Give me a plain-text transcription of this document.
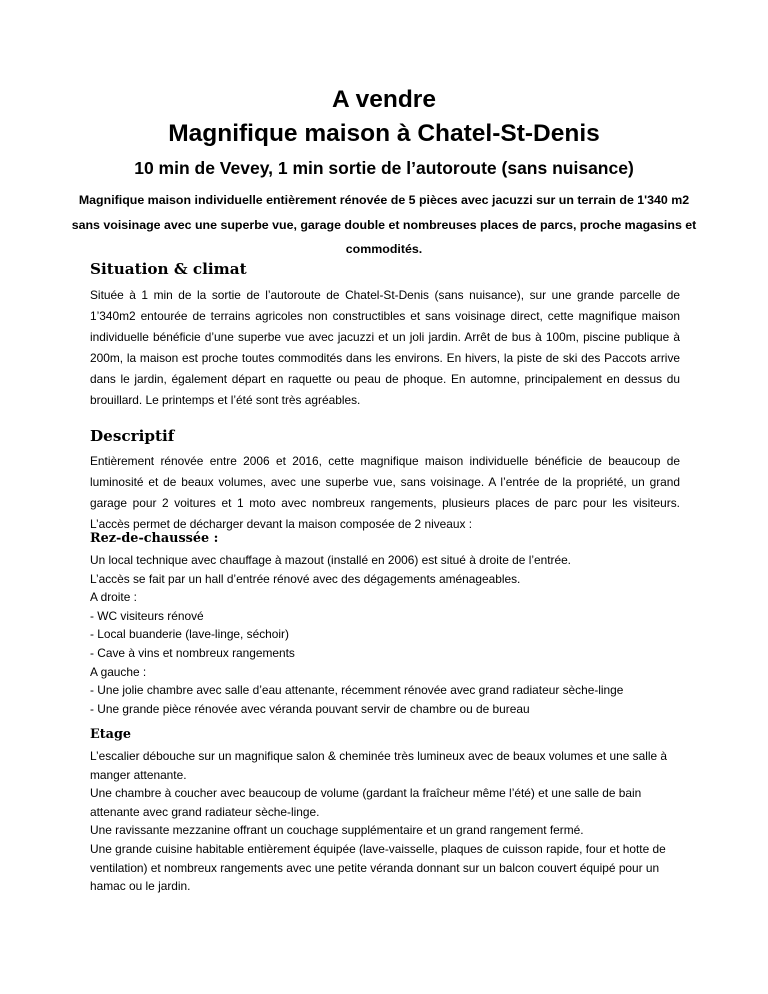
A vendre
Magnifique maison à Chatel-St-Denis
10 min de Vevey, 1 min sortie de l’autoroute (sans nuisance)

Magnifique maison individuelle entièrement rénovée de 5 pièces avec jacuzzi sur un terrain de 1'340 m2 sans voisinage avec une superbe vue, garage double et nombreuses places de parcs, proche magasins et commodités.

Situation & climat

Située à 1 min de la sortie de l’autoroute de Chatel-St-Denis (sans nuisance), sur une grande parcelle de 1’340m2 entourée de terrains agricoles non constructibles et sans voisinage direct, cette magnifique maison individuelle bénéficie d’une superbe vue avec jacuzzi et un joli jardin. Arrêt de bus à 100m, piscine publique à 200m, la maison est proche toutes commodités dans les environs. En hivers, la piste de ski des Paccots arrive dans le jardin, également départ en raquette ou peau de phoque. En automne, principalement en dessus du brouillard. Le printemps et l’été sont très agréables.

Descriptif

Entièrement rénovée entre 2006 et 2016, cette magnifique maison individuelle bénéficie de beaucoup de luminosité et de beaux volumes, avec une superbe vue, sans voisinage. A l’entrée de la propriété, un grand garage pour 2 voitures et 1 moto avec nombreux rangements, plusieurs places de parc pour les visiteurs. L’accès permet de décharger devant la maison composée de 2 niveaux :

Rez-de-chaussée :
Un local technique avec chauffage à mazout (installé en 2006) est situé à droite de l’entrée.
L’accès se fait par un hall d’entrée rénové avec des dégagements aménageables.
A droite :
- WC visiteurs rénové
- Local buanderie (lave-linge, séchoir)
- Cave à vins et nombreux rangements
A gauche :
- Une jolie chambre avec salle d’eau attenante, récemment rénovée avec grand radiateur sèche-linge
- Une grande pièce rénovée avec véranda pouvant servir de chambre ou de bureau
Etage
L’escalier débouche sur un magnifique salon & cheminée très lumineux avec de beaux volumes et une salle à manger attenante.
Une chambre à coucher avec beaucoup de volume (gardant la fraîcheur même l’été) et une salle de bain attenante avec grand radiateur sèche-linge.
Une ravissante mezzanine offrant un couchage supplémentaire et un grand rangement fermé.
Une grande cuisine habitable entièrement équipée (lave-vaisselle, plaques de cuisson rapide, four et hotte de ventilation) et nombreux rangements avec une petite véranda donnant sur un balcon couvert équipé pour un hamac ou le jardin.
